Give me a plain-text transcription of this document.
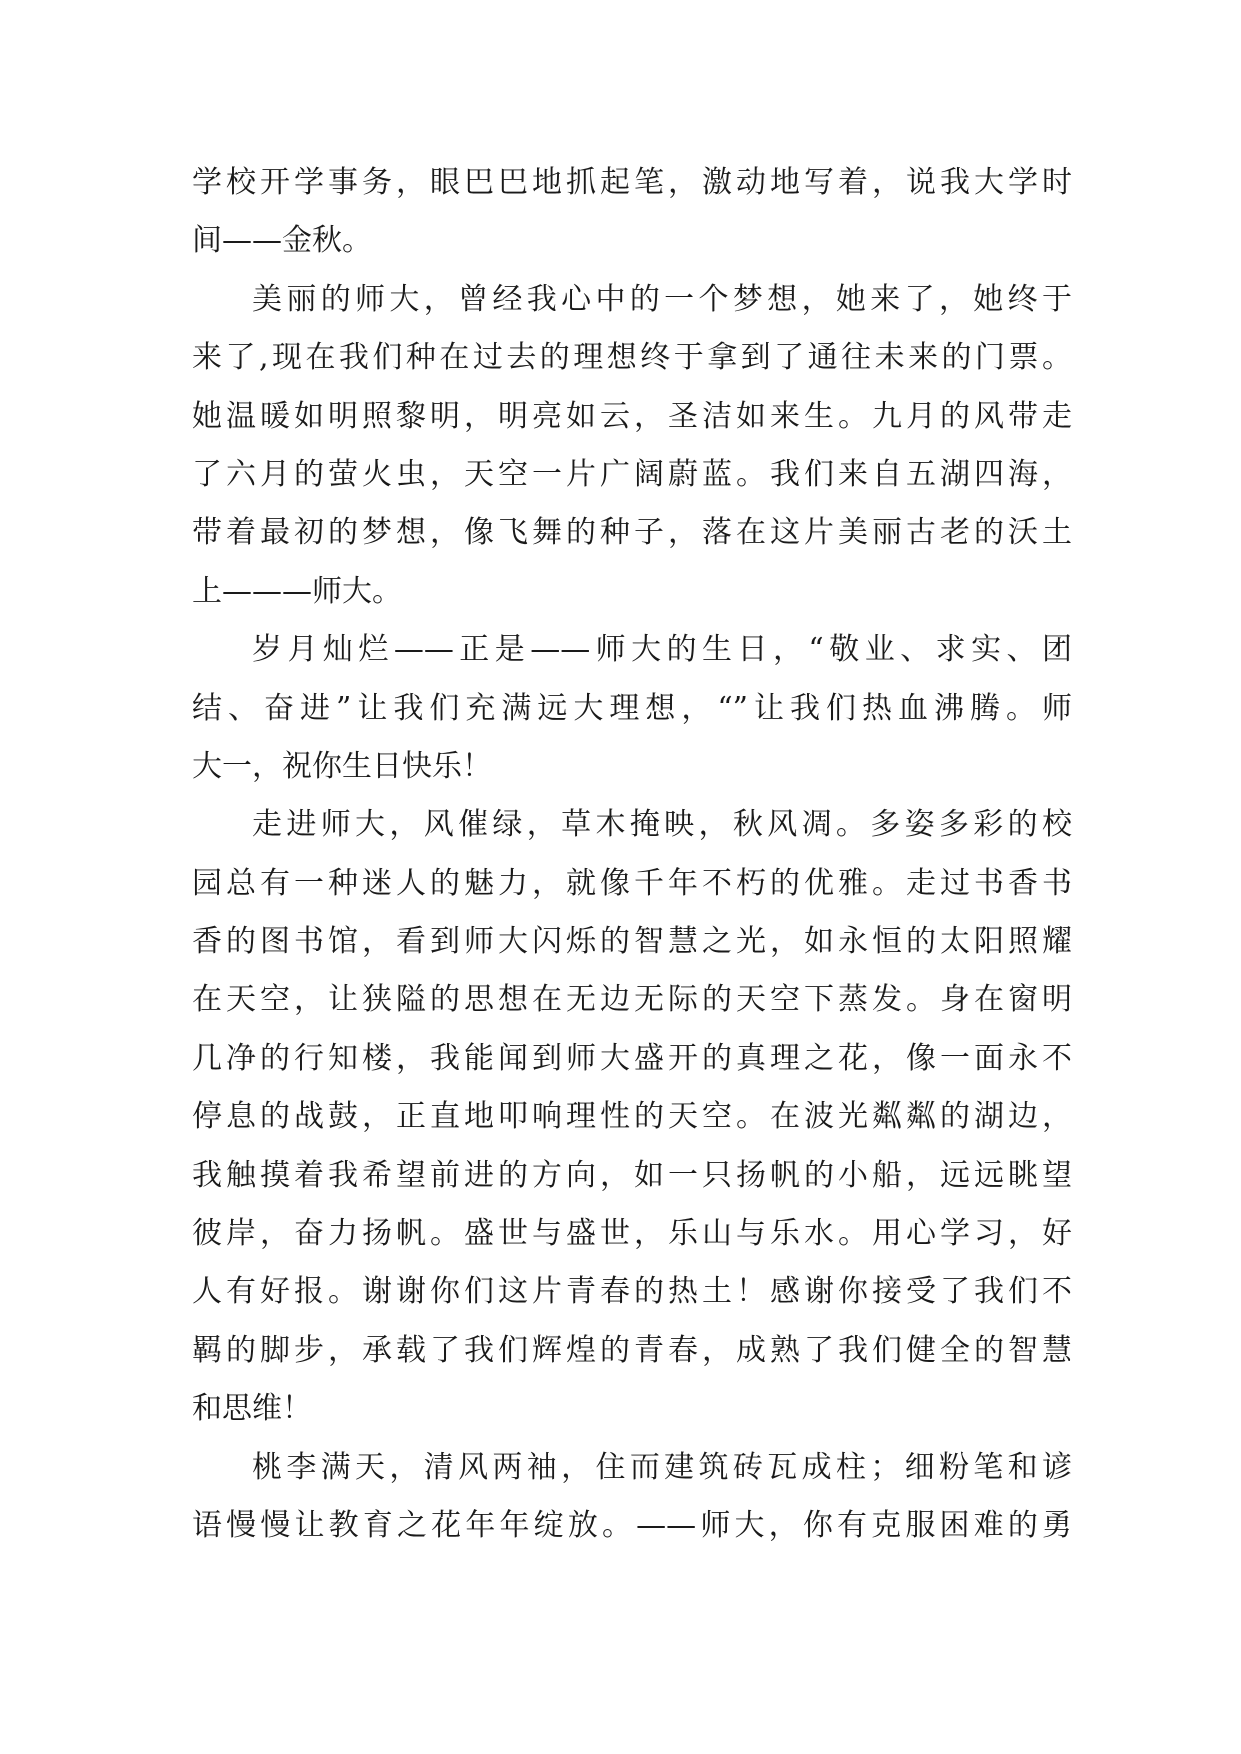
学校开学事务，眼巴巴地抓起笔，激动地写着，说我大学时
间——金秋。
美丽的师大，曾经我心中的一个梦想，她来了，她终于
来了,现在我们种在过去的理想终于拿到了通往未来的门票。
她温暖如明照黎明，明亮如云，圣洁如来生。九月的风带走
了六月的萤火虫，天空一片广阔蔚蓝。我们来自五湖四海，
带着最初的梦想，像飞舞的种子，落在这片美丽古老的沃土
上———师大。
岁月灿烂——正是——师大的生日，“敬业、求实、团
结、奋进”让我们充满远大理想，“”让我们热血沸腾。师
大一，祝你生日快乐！
走进师大，风催绿，草木掩映，秋风凋。多姿多彩的校
园总有一种迷人的魅力，就像千年不朽的优雅。走过书香书
香的图书馆，看到师大闪烁的智慧之光，如永恒的太阳照耀
在天空，让狭隘的思想在无边无际的天空下蒸发。身在窗明
几净的行知楼，我能闻到师大盛开的真理之花，像一面永不
停息的战鼓，正直地叩响理性的天空。在波光粼粼的湖边，
我触摸着我希望前进的方向，如一只扬帆的小船，远远眺望
彼岸，奋力扬帆。盛世与盛世，乐山与乐水。用心学习，好
人有好报。谢谢你们这片青春的热土！感谢你接受了我们不
羁的脚步，承载了我们辉煌的青春，成熟了我们健全的智慧
和思维！
桃李满天，清风两袖，住而建筑砖瓦成柱；细粉笔和谚
语慢慢让教育之花年年绽放。——师大，你有克服困难的勇
